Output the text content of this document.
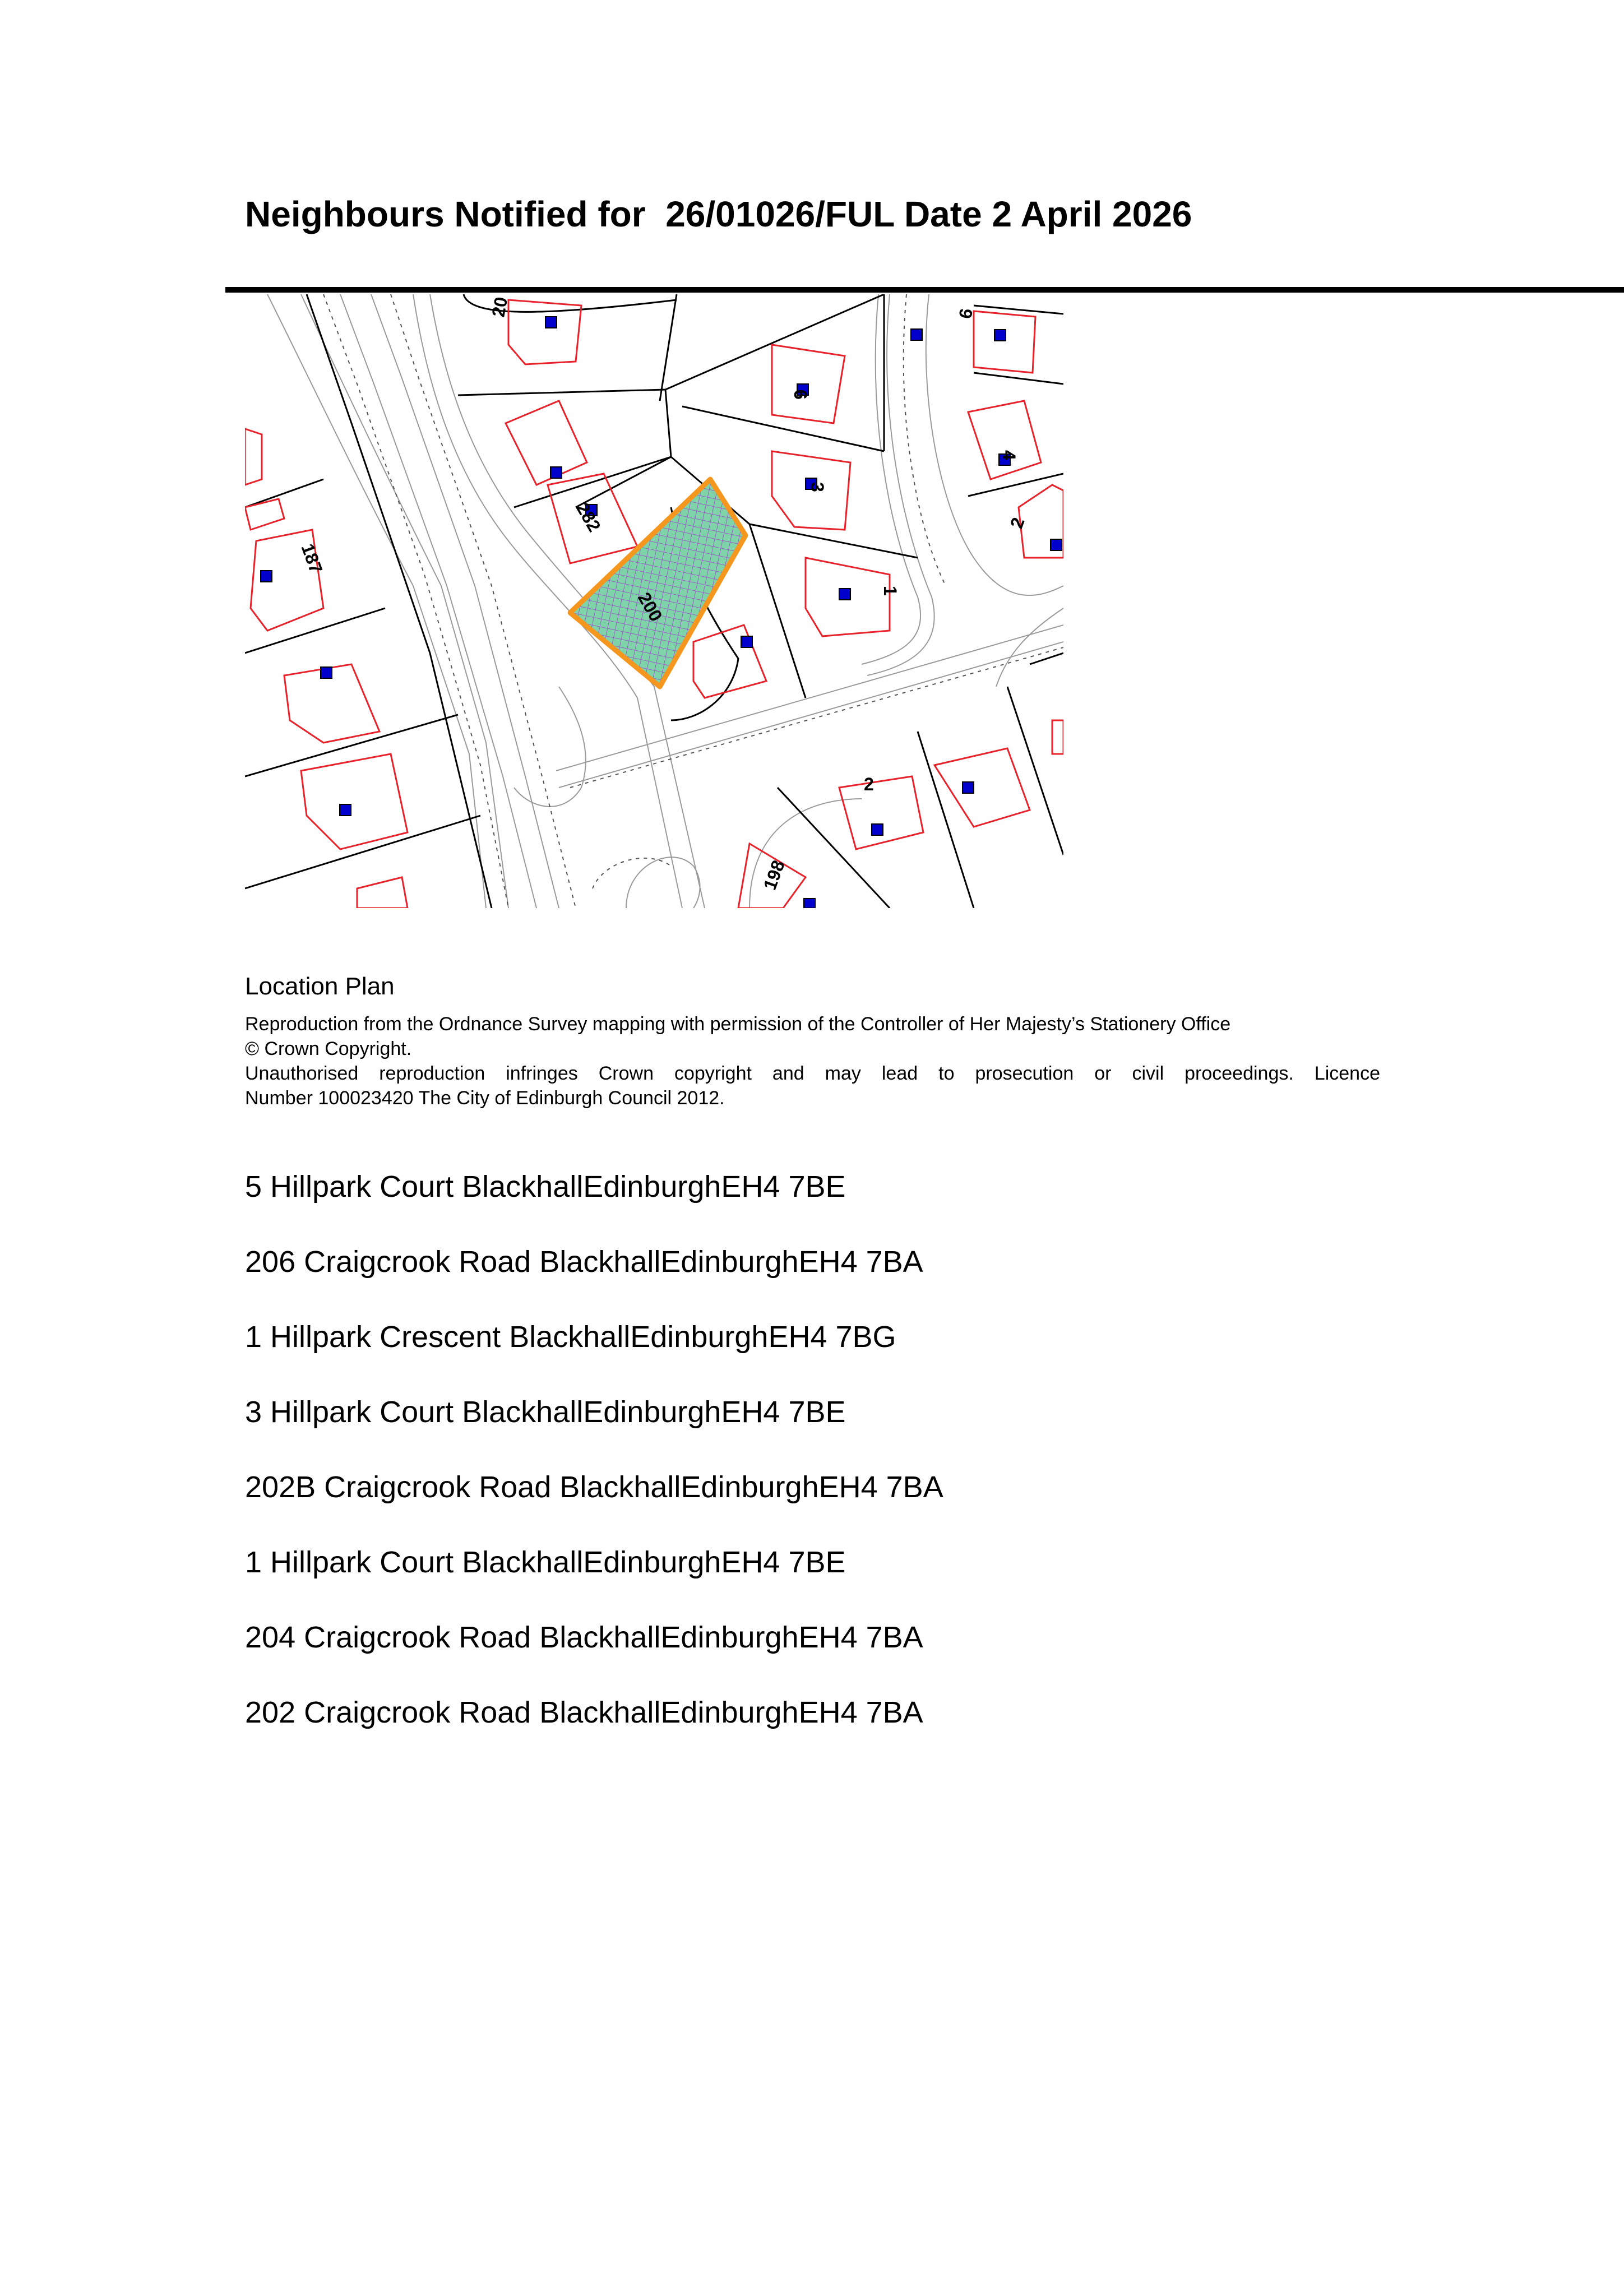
Neighbours Notified for  26/01026/FUL Date 2 April 2026
20	6
6
3
282
187
4
2
200	1
2
198
Location Plan
Reproduction from the Ordnance Survey mapping with permission of the Controller of Her Majesty’s Stationery Office
© Crown Copyright.
Unauthorised reproduction infringes Crown copyright and may lead to prosecution or civil proceedings. Licence
Number 100023420 The City of Edinburgh Council 2012.
5 Hillpark Court BlackhallEdinburghEH4 7BE
206 Craigcrook Road BlackhallEdinburghEH4 7BA
1 Hillpark Crescent BlackhallEdinburghEH4 7BG
3 Hillpark Court BlackhallEdinburghEH4 7BE
202B Craigcrook Road BlackhallEdinburghEH4 7BA
1 Hillpark Court BlackhallEdinburghEH4 7BE
204 Craigcrook Road BlackhallEdinburghEH4 7BA
202 Craigcrook Road BlackhallEdinburghEH4 7BA
